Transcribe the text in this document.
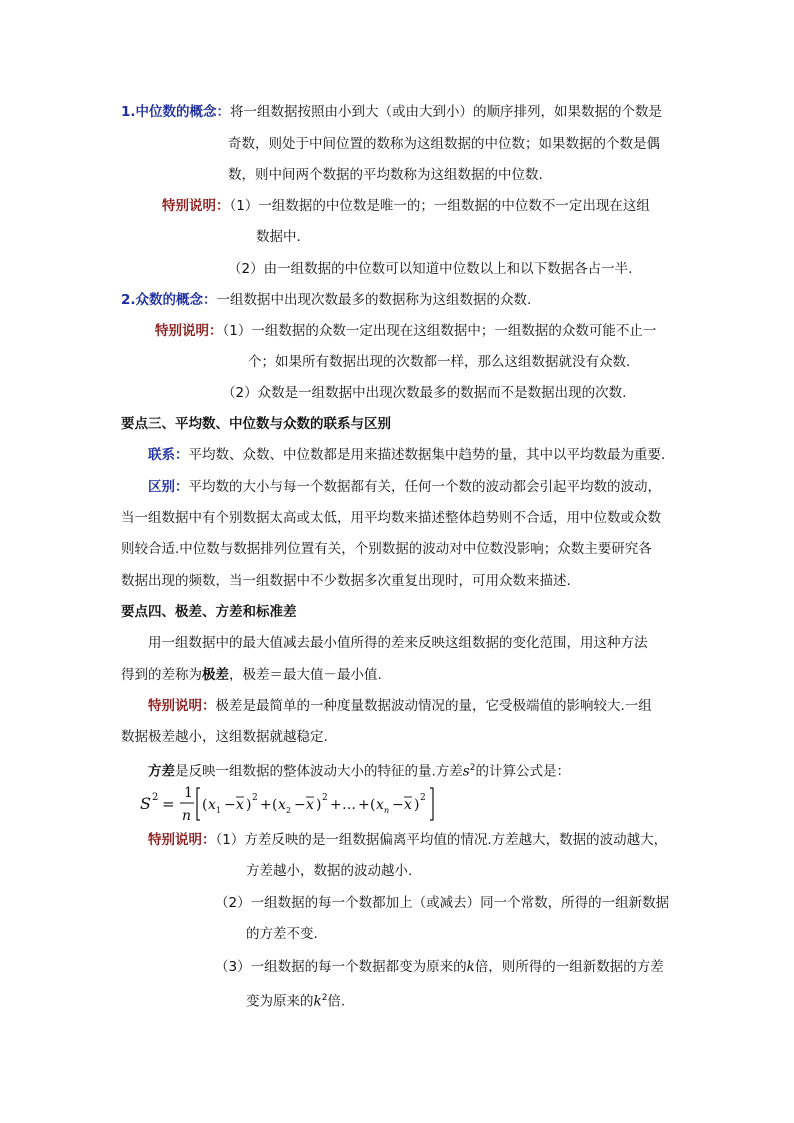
1.中位数的概念：将一组数据按照由小到大（或由大到小）的顺序排列，如果数据的个数是
奇数，则处于中间位置的数称为这组数据的中位数；如果数据的个数是偶
数，则中间两个数据的平均数称为这组数据的中位数.
特别说明：（1）一组数据的中位数是唯一的；一组数据的中位数不一定出现在这组
数据中.
（2）由一组数据的中位数可以知道中位数以上和以下数据各占一半.
2.众数的概念：一组数据中出现次数最多的数据称为这组数据的众数.
特别说明：（1）一组数据的众数一定出现在这组数据中；一组数据的众数可能不止一
个；如果所有数据出现的次数都一样，那么这组数据就没有众数.
（2）众数是一组数据中出现次数最多的数据而不是数据出现的次数.
要点三、平均数、中位数与众数的联系与区别
联系：平均数、众数、中位数都是用来描述数据集中趋势的量，其中以平均数最为重要.
区别：平均数的大小与每一个数据都有关，任何一个数的波动都会引起平均数的波动，
当一组数据中有个别数据太高或太低，用平均数来描述整体趋势则不合适，用中位数或众数
则较合适.中位数与数据排列位置有关，个别数据的波动对中位数没影响；众数主要研究各
数据出现的频数，当一组数据中不少数据多次重复出现时，可用众数来描述.
要点四、极差、方差和标准差
用一组数据中的最大值减去最小值所得的差来反映这组数据的变化范围，用这种方法
得到的差称为极差，极差＝最大值－最小值.
特别说明：极差是最简单的一种度量数据波动情况的量，它受极端值的影响较大.一组
数据极差越小，这组数据就越稳定.
方差是反映一组数据的整体波动大小的特征的量.方差$s^2$的计算公式是：
S 2 =
1
n
( x 1 − x ) 2 + ( x 2 − x ) 2 + … + ( x n − x ) 2
特别说明：（1）方差反映的是一组数据偏离平均值的情况.方差越大，数据的波动越大，
方差越小，数据的波动越小.
（2）一组数据的每一个数都加上（或减去）同一个常数，所得的一组新数据
的方差不变.
（3）一组数据的每一个数据都变为原来的k倍，则所得的一组新数据的方差
变为原来的$k^2$倍.
